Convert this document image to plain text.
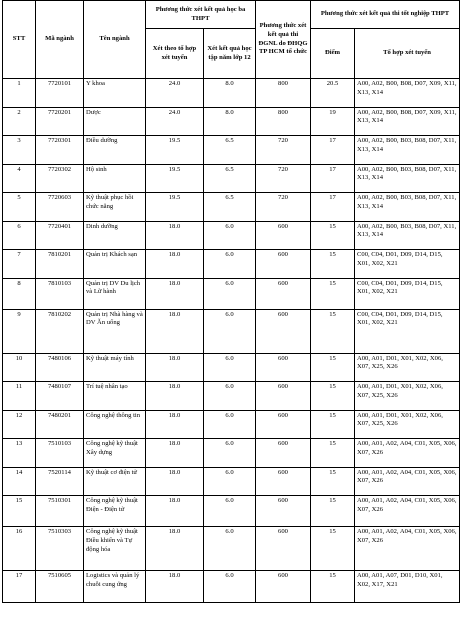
STT	Mã ngành	Tên ngành	Phương thức xét kết quả học ba THPT		Phương thức xét kết quả thi ĐGNL do ĐHQG TP HCM tổ chức	Phương thức xét kết quả thi tốt nghiệp THPT	
			Xét theo tổ hợp xét tuyển	Xét kết quả học tập năm lớp 12		Điểm	Tổ hợp xét tuyển
1	7720101	Y khoa	24.0	8.0	800	20.5	A00, A02, B00, B08, D07, X09, X11, X13, X14
2	7720201	Dược	24.0	8.0	800	19	A00, A02, B00, B08, D07, X09, X11, X13, X14
3	7720301	Điều dưỡng	19.5	6.5	720	17	A00, A02, B00, B03, B08, D07, X11, X13, X14
4	7720302	Hộ sinh	19.5	6.5	720	17	A00, A02, B00, B03, B08, D07, X11, X13, X14
5	7720603	Kỹ thuật phục hồi chức năng	19.5	6.5	720	17	A00, A02, B00, B03, B08, D07, X11, X13, X14
6	7720401	Dinh dưỡng	18.0	6.0	600	15	A00, A02, B00, B03, B08, D07, X11, X13, X14
7	7810201	Quản trị Khách sạn	18.0	6.0	600	15	C00, C04, D01, D09, D14, D15, X01, X02, X21
8	7810103	Quản trị DV Du lịch và Lữ hành	18.0	6.0	600	15	C00, C04, D01, D09, D14, D15, X01, X02, X21
9	7810202	Quản trị Nhà hàng và DV Ăn uống	18.0	6.0	600	15	C00, C04, D01, D09, D14, D15, X01, X02, X21
10	7480106	Kỹ thuật máy tính	18.0	6.0	600	15	A00, A01, D01, X01, X02, X06, X07, X25, X26
11	7480107	Trí tuệ nhân tạo	18.0	6.0	600	15	A00, A01, D01, X01, X02, X06, X07, X25, X26
12	7480201	Công nghệ thông tin	18.0	6.0	600	15	A00, A01, D01, X01, X02, X06, X07, X25, X26
13	7510103	Công nghệ kỹ thuật Xây dựng	18.0	6.0	600	15	A00, A01, A02, A04, C01, X05, X06, X07, X26
14	7520114	Kỹ thuật cơ điện tử	18.0	6.0	600	15	A00, A01, A02, A04, C01, X05, X06, X07, X26
15	7510301	Công nghệ kỹ thuật Điện - Điện tử	18.0	6.0	600	15	A00, A01, A02, A04, C01, X05, X06, X07, X26
16	7510303	Công nghệ kỹ thuật Điều khiển và Tự động hóa	18.0	6.0	600	15	A00, A01, A02, A04, C01, X05, X06, X07, X26
17	7510605	Logistics và quản lý chuỗi cung ứng	18.0	6.0	600	15	A00, A01, A07, D01, D10, X01, X02, X17, X21
